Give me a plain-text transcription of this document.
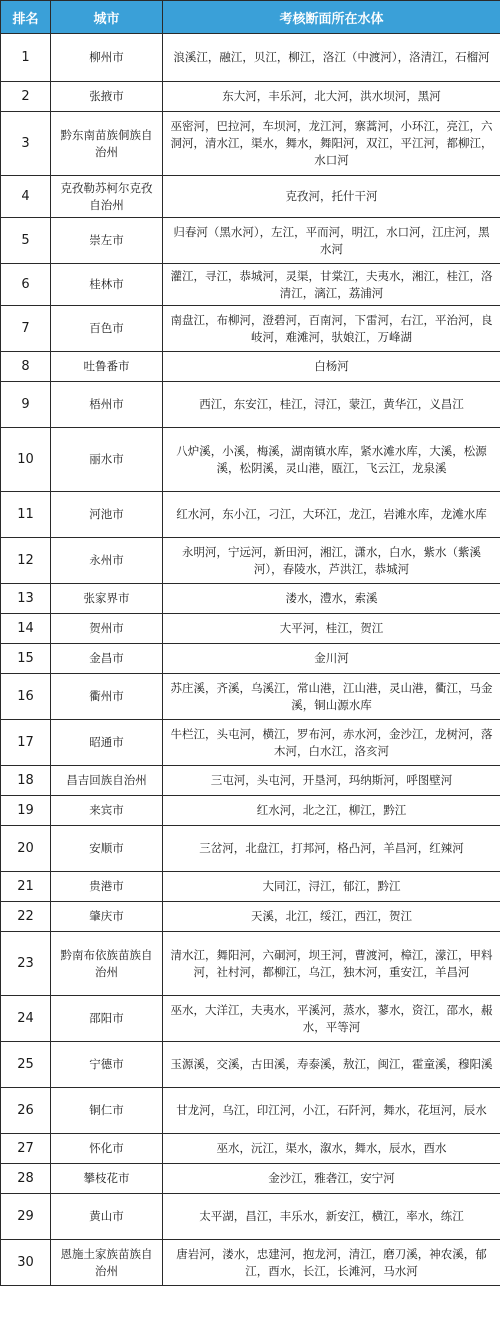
排名	城市	考核断面所在水体
1	柳州市	浪溪江，融江，贝江，柳江，洛江（中渡河），洛清江，石榴河
2	张掖市	东大河，丰乐河，北大河，洪水坝河，黑河
3	黔东南苗族侗族自治州	巫密河，巴拉河，车坝河，龙江河，寨蒿河，小环江，亮江，六洞河，清水江，渠水，舞水，舞阳河，双江，平江河，都柳江，水口河
4	克孜勒苏柯尔克孜自治州	克孜河，托什干河
5	崇左市	归春河（黑水河），左江，平而河，明江，水口河，江庄河，黑水河
6	桂林市	灌江，寻江，恭城河，灵渠，甘棠江，夫夷水，湘江，桂江，洛清江，漓江，荔浦河
7	百色市	南盘江，布柳河，澄碧河，百南河，下雷河，右江，平治河，良岐河，难滩河，驮娘江，万峰湖
8	吐鲁番市	白杨河
9	梧州市	西江，东安江，桂江，浔江，蒙江，黄华江，义昌江
10	丽水市	八炉溪，小溪，梅溪，湖南镇水库，紧水滩水库，大溪，松源溪，松阴溪，灵山港，瓯江，飞云江，龙泉溪
11	河池市	红水河，东小江，刁江，大环江，龙江，岩滩水库，龙滩水库
12	永州市	永明河，宁远河，新田河，湘江，潇水，白水，紫水（紫溪河），春陵水，芦洪江，恭城河
13	张家界市	溇水，澧水，索溪
14	贺州市	大平河，桂江，贺江
15	金昌市	金川河
16	衢州市	苏庄溪，齐溪，乌溪江，常山港，江山港，灵山港，衢江，马金溪，铜山源水库
17	昭通市	牛栏江，头屯河，横江，罗布河，赤水河，金沙江，龙树河，落木河，白水江，洛亥河
18	昌吉回族自治州	三屯河，头屯河，开垦河，玛纳斯河，呼图壁河
19	来宾市	红水河，北之江，柳江，黔江
20	安顺市	三岔河，北盘江，打邦河，格凸河，羊昌河，红辣河
21	贵港市	大同江，浔江，郁江，黔江
22	肇庆市	天溪，北江，绥江，西江，贺江
23	黔南布依族苗族自治州	清水江，舞阳河，六硐河，坝王河，曹渡河，樟江，濛江，甲料河，社村河，都柳江，乌江，独木河，重安江，羊昌河
24	邵阳市	巫水，大洋江，夫夷水，平溪河，蒸水，蓼水，资江，邵水，赧水，平等河
25	宁德市	玉源溪，交溪，古田溪，寿泰溪，敖江，闽江，霍童溪，穆阳溪
26	铜仁市	甘龙河，乌江，印江河，小江，石阡河，舞水，花垣河，辰水
27	怀化市	巫水，沅江，渠水，溆水，舞水，辰水，酉水
28	攀枝花市	金沙江，雅砻江，安宁河
29	黄山市	太平湖，昌江，丰乐水，新安江，横江，率水，练江
30	恩施土家族苗族自治州	唐岩河，溇水，忠建河，抱龙河，清江，磨刀溪，神农溪，郁江，酉水，长江，长滩河，马水河
